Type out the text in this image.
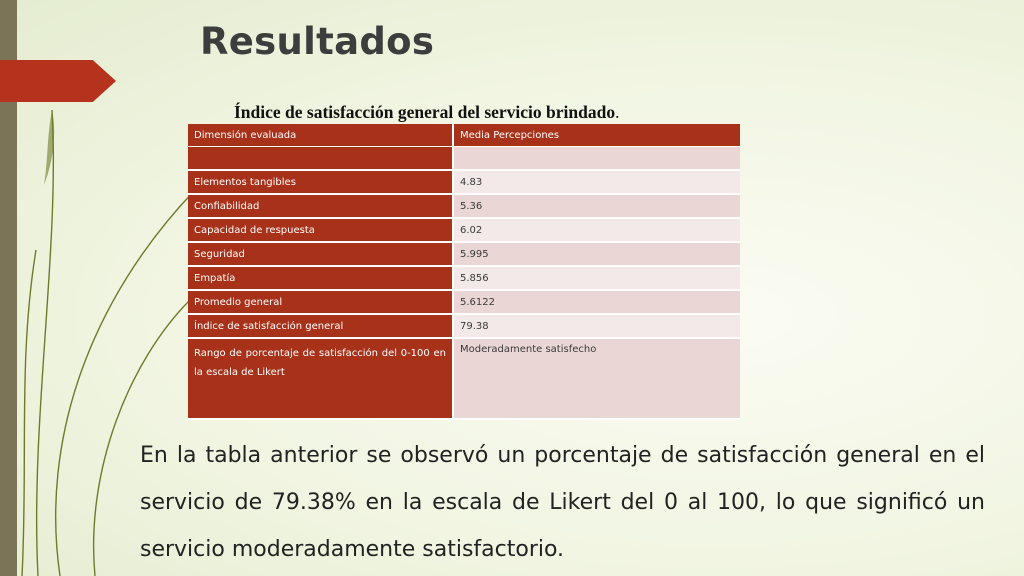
Resultados

Índice de satisfacción general del servicio brindado.

Dimensión evaluada	Media Percepciones

Elementos tangibles	4.83
Confiabilidad	5.36
Capacidad de respuesta	6.02
Seguridad	5.995
Empatía	5.856
Promedio general	5.6122
Índice de satisfacción general	79.38
Rango de porcentaje de satisfacción del 0-100 en la escala de Likert	Moderadamente satisfecho

En la tabla anterior se observó un porcentaje de satisfacción general en el servicio de 79.38% en la escala de Likert del 0 al 100, lo que significó un servicio moderadamente satisfactorio.
